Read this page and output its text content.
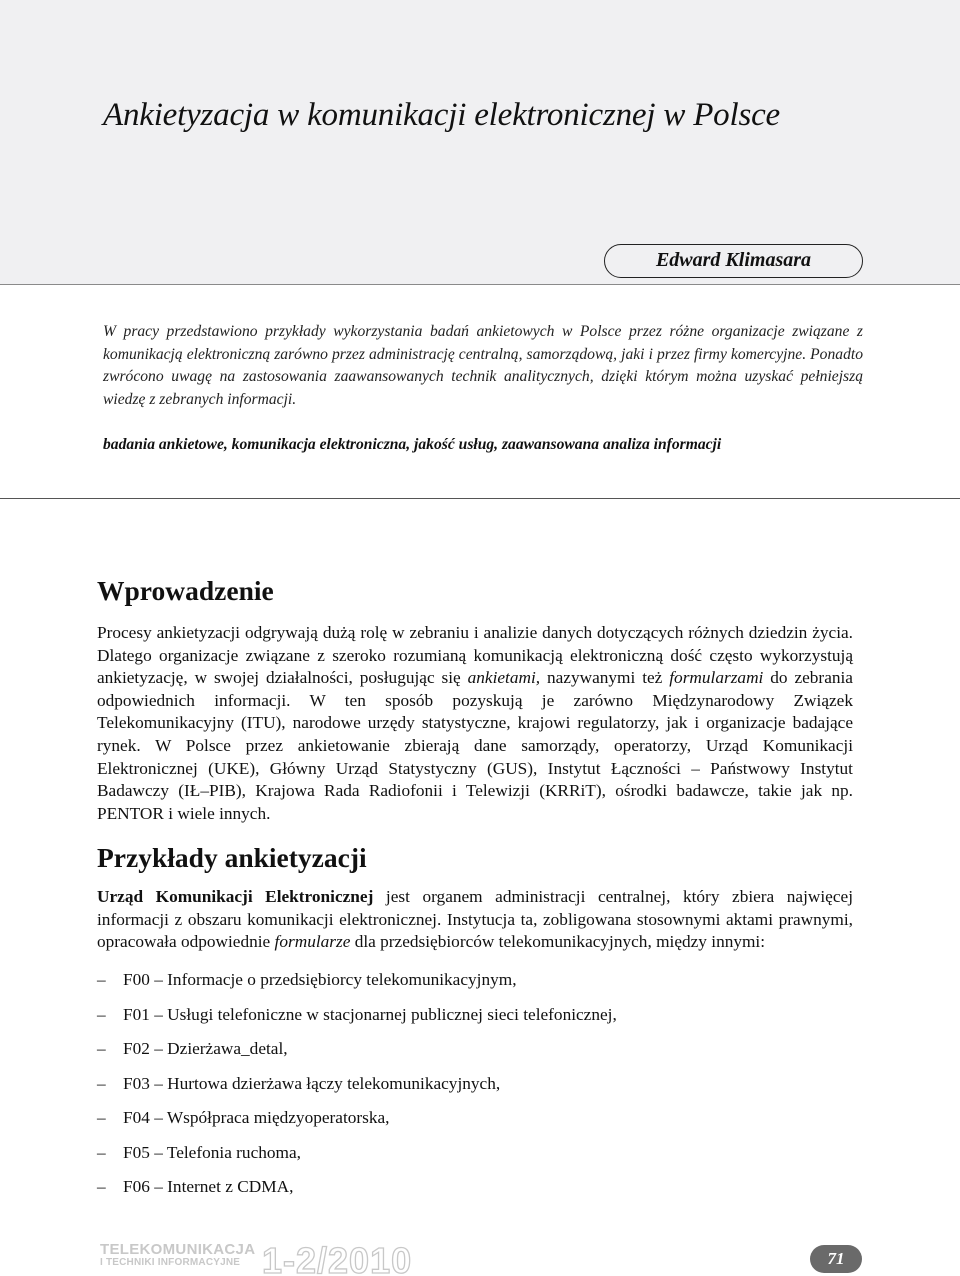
Ankietyzacja w komunikacji elektronicznej w Polsce
Edward Klimasara

W pracy przedstawiono przykłady wykorzystania badań ankietowych w Polsce przez różne organizacje związane z komunikacją elektroniczną zarówno przez administrację centralną, samorządową, jaki i przez firmy komercyjne. Ponadto zwrócono uwagę na zastosowania zaawansowanych technik analitycznych, dzięki którym można uzyskać pełniejszą wiedzę z zebranych informacji.

badania ankietowe, komunikacja elektroniczna, jakość usług, zaawansowana analiza informacji

Wprowadzenie

Procesy ankietyzacji odgrywają dużą rolę w zebraniu i analizie danych dotyczących różnych dziedzin życia. Dlatego organizacje związane z szeroko rozumianą komunikacją elektroniczną dość często wykorzystują ankietyzację, w swojej działalności, posługując się ankietami, nazywanymi też formularzami do zebrania odpowiednich informacji. W ten sposób pozyskują je zarówno Międzynarodowy Związek Telekomunikacyjny (ITU), narodowe urzędy statystyczne, krajowi regulatorzy, jak i organizacje badające rynek. W Polsce przez ankietowanie zbierają dane samorządy, operatorzy, Urząd Komunikacji Elektronicznej (UKE), Główny Urząd Statystyczny (GUS), Instytut Łączności – Państwowy Instytut Badawczy (IŁ–PIB), Krajowa Rada Radiofonii i Telewizji (KRRiT), ośrodki badawcze, takie jak np. PENTOR i wiele innych.

Przykłady ankietyzacji

Urząd Komunikacji Elektronicznej jest organem administracji centralnej, który zbiera najwięcej informacji z obszaru komunikacji elektronicznej. Instytucja ta, zobligowana stosownymi aktami prawnymi, opracowała odpowiednie formularze dla przedsiębiorców telekomunikacyjnych, między innymi:

–	F00 – Informacje o przedsiębiorcy telekomunikacyjnym,
–	F01 – Usługi telefoniczne w stacjonarnej publicznej sieci telefonicznej,
–	F02 – Dzierżawa_detal,
–	F03 – Hurtowa dzierżawa łączy telekomunikacyjnych,
–	F04 – Współpraca międzyoperatorska,
–	F05 – Telefonia ruchoma,
–	F06 – Internet z CDMA,
TELEKOMUNIKACJA
I TECHNIKI INFORMACYJNE 1-2/2010	71
